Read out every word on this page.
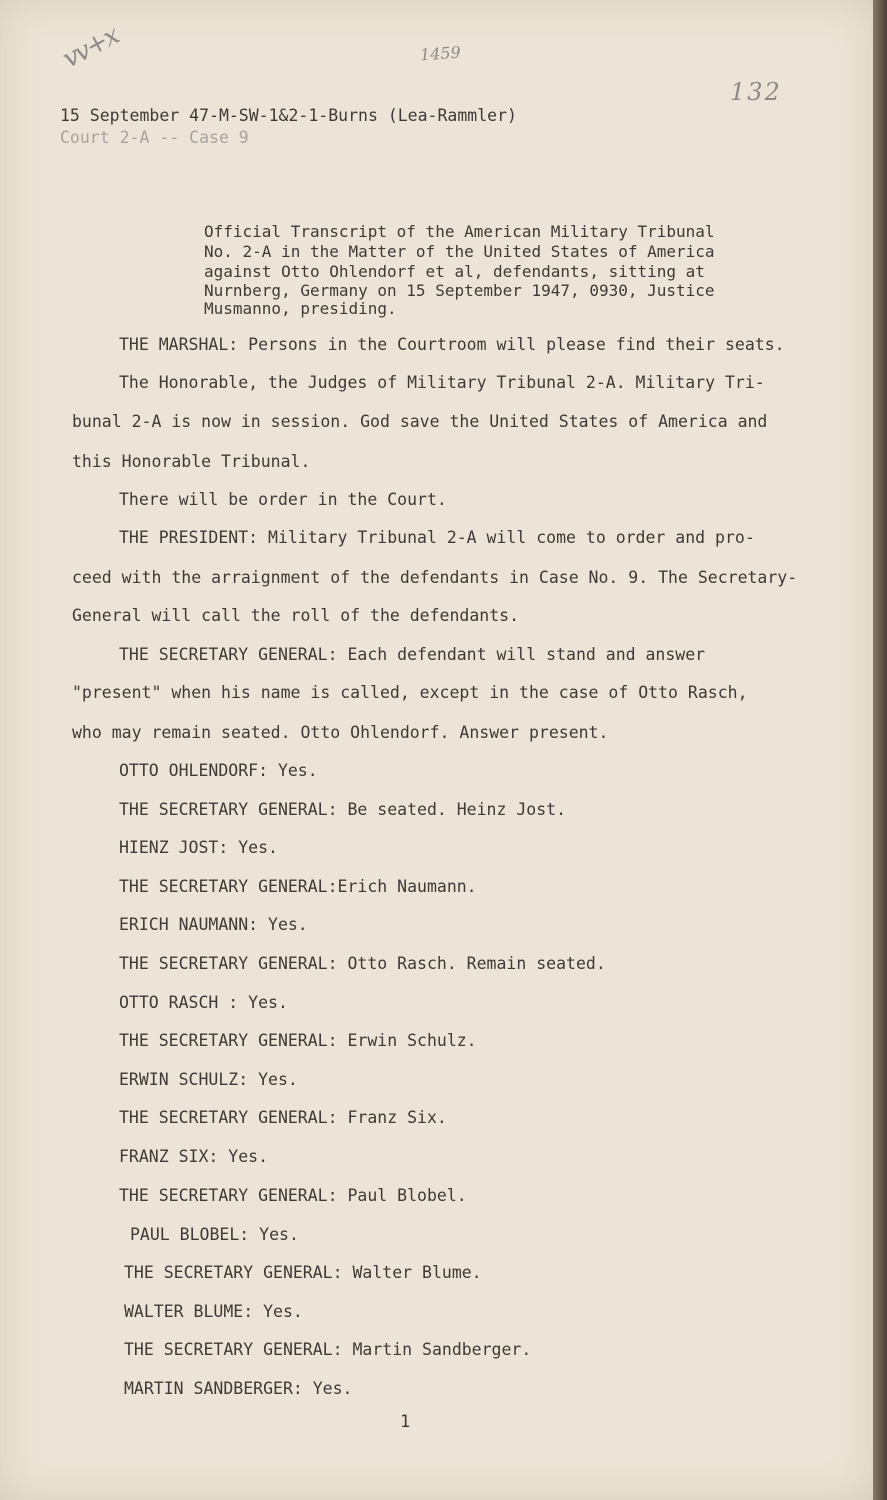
vv+x	1459
132
15 September 47-M-SW-1&2-1-Burns (Lea-Rammler)
Court 2-A -- Case 9
Official Transcript of the American Military Tribunal
No. 2-A in the Matter of the United States of America
against Otto Ohlendorf et al, defendants, sitting at
Nurnberg, Germany on 15 September 1947, 0930, Justice
Musmanno, presiding.
THE MARSHAL: Persons in the Courtroom will please find their seats.
The Honorable, the Judges of Military Tribunal 2-A. Military Tri-
bunal 2-A is now in session. God save the United States of America and
this Honorable Tribunal.
There will be order in the Court.
THE PRESIDENT: Military Tribunal 2-A will come to order and pro-
ceed with the arraignment of the defendants in Case No. 9. The Secretary-
General will call the roll of the defendants.
THE SECRETARY GENERAL: Each defendant will stand and answer
"present" when his name is called, except in the case of Otto Rasch,
who may remain seated. Otto Ohlendorf. Answer present.
OTTO OHLENDORF: Yes.
THE SECRETARY GENERAL: Be seated. Heinz Jost.
HIENZ JOST: Yes.
THE SECRETARY GENERAL:Erich Naumann.
ERICH NAUMANN: Yes.
THE SECRETARY GENERAL: Otto Rasch. Remain seated.
OTTO RASCH : Yes.
THE SECRETARY GENERAL: Erwin Schulz.
ERWIN SCHULZ: Yes.
THE SECRETARY GENERAL: Franz Six.
FRANZ SIX: Yes.
THE SECRETARY GENERAL: Paul Blobel.
PAUL BLOBEL: Yes.
THE SECRETARY GENERAL: Walter Blume.
WALTER BLUME: Yes.
THE SECRETARY GENERAL: Martin Sandberger.
MARTIN SANDBERGER: Yes.
1
